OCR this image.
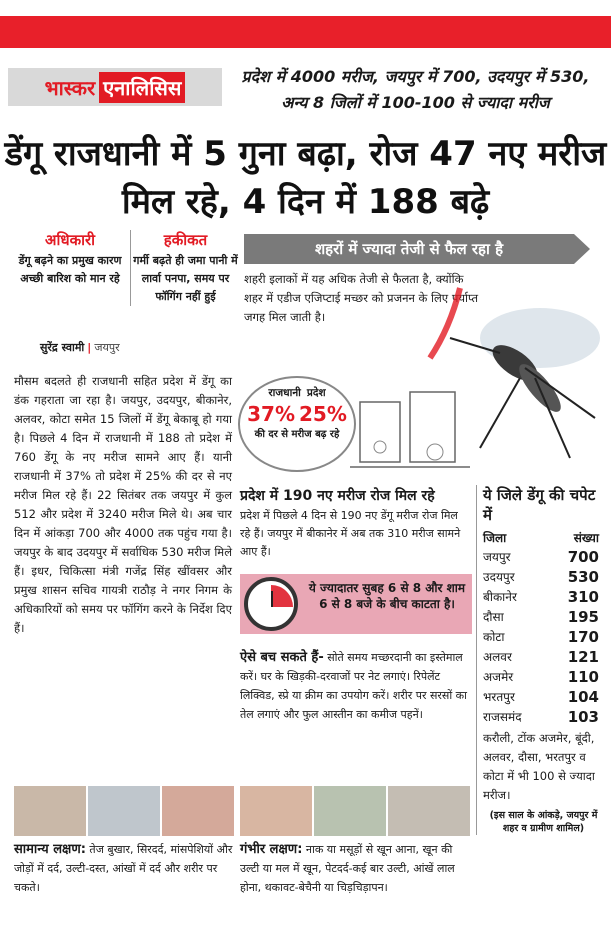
भास्कर एनालिसिस	प्रदेश में 4000 मरीज, जयपुर में 700, उदयपुर में 530, अन्य 8 जिलों में 100-100 से ज्यादा मरीज
डेंगू राजधानी में 5 गुना बढ़ा, रोज 47 नए मरीज मिल रहे, 4 दिन में 188 बढ़े
अधिकारी
डेंगू बढ़ने का प्रमुख कारण अच्छी बारिश को मान रहे
हकीकत
गर्मी बढ़ते ही जमा पानी में लार्वा पनपा, समय पर फॉगिंग नहीं हुई
सुरेंद्र स्वामी | जयपुर
शहरों में ज्यादा तेजी से फैल रहा है
शहरी इलाकों में यह अधिक तेजी से फैलता है, क्योंकि शहर में एडीज एजिप्टाई मच्छर को प्रजनन के लिए पर्याप्त जगह मिल जाती है।
राजधानी प्रदेश
37% 25%
की दर से मरीज बढ़ रहे
मौसम बदलते ही राजधानी सहित प्रदेश में डेंगू का डंक गहराता जा रहा है। जयपुर, उदयपुर, बीकानेर, अलवर, कोटा समेत 15 जिलों में डेंगू बेकाबू हो गया है। पिछले 4 दिन में राजधानी में 188 तो प्रदेश में 760 डेंगू के नए मरीज सामने आए हैं। यानी राजधानी में 37% तो प्रदेश में 25% की दर से नए मरीज मिल रहे हैं। 22 सितंबर तक जयपुर में कुल 512 और प्रदेश में 3240 मरीज मिले थे। अब चार दिन में आंकड़ा 700 और 4000 तक पहुंच गया है। जयपुर के बाद उदयपुर में सर्वाधिक 530 मरीज मिले हैं। इधर, चिकित्सा मंत्री गजेंद्र सिंह खींवसर और प्रमुख शासन सचिव गायत्री राठौड़ ने नगर निगम के अधिकारियों को समय पर फॉगिंग करने के निर्देश दिए हैं।
प्रदेश में 190 नए मरीज रोज मिल रहे
प्रदेश में पिछले 4 दिन से 190 नए डेंगू मरीज रोज मिल रहे हैं। जयपुर में बीकानेर में अब तक 310 मरीज सामने आए हैं।
ये ज्यादातर सुबह 6 से 8 और शाम 6 से 8 बजे के बीच काटता है।
ऐसे बच सकते हैं- सोते समय मच्छरदानी का इस्तेमाल करें। घर के खिड़की-दरवाजों पर नेट लगाएं। रिपेलेंट लिक्विड, स्प्रे या क्रीम का उपयोग करें। शरीर पर सरसों का तेल लगाएं और फुल आस्तीन का कमीज पहनें।
ये जिले डेंगू की चपेट में
जिला	संख्या
जयपुर	700
उदयपुर	530
बीकानेर	310
दौसा	195
कोटा	170
अलवर	121
अजमेर	110
भरतपुर	104
राजसमंद	103
करौली, टोंक अजमेर, बूंदी, अलवर, दौसा, भरतपुर व कोटा में भी 100 से ज्यादा मरीज।
(इस साल के आंकड़े, जयपुर में शहर व ग्रामीण शामिल)
सामान्य लक्षण: तेज बुखार, सिरदर्द, मांसपेशियों और जोड़ों में दर्द, उल्टी-दस्त, आंखों में दर्द और शरीर पर चकते।
गंभीर लक्षण: नाक या मसूड़ों से खून आना, खून की उल्टी या मल में खून, पेटदर्द-कई बार उल्टी, आंखें लाल होना, थकावट-बेचैनी या चिड़चिड़ापन।
